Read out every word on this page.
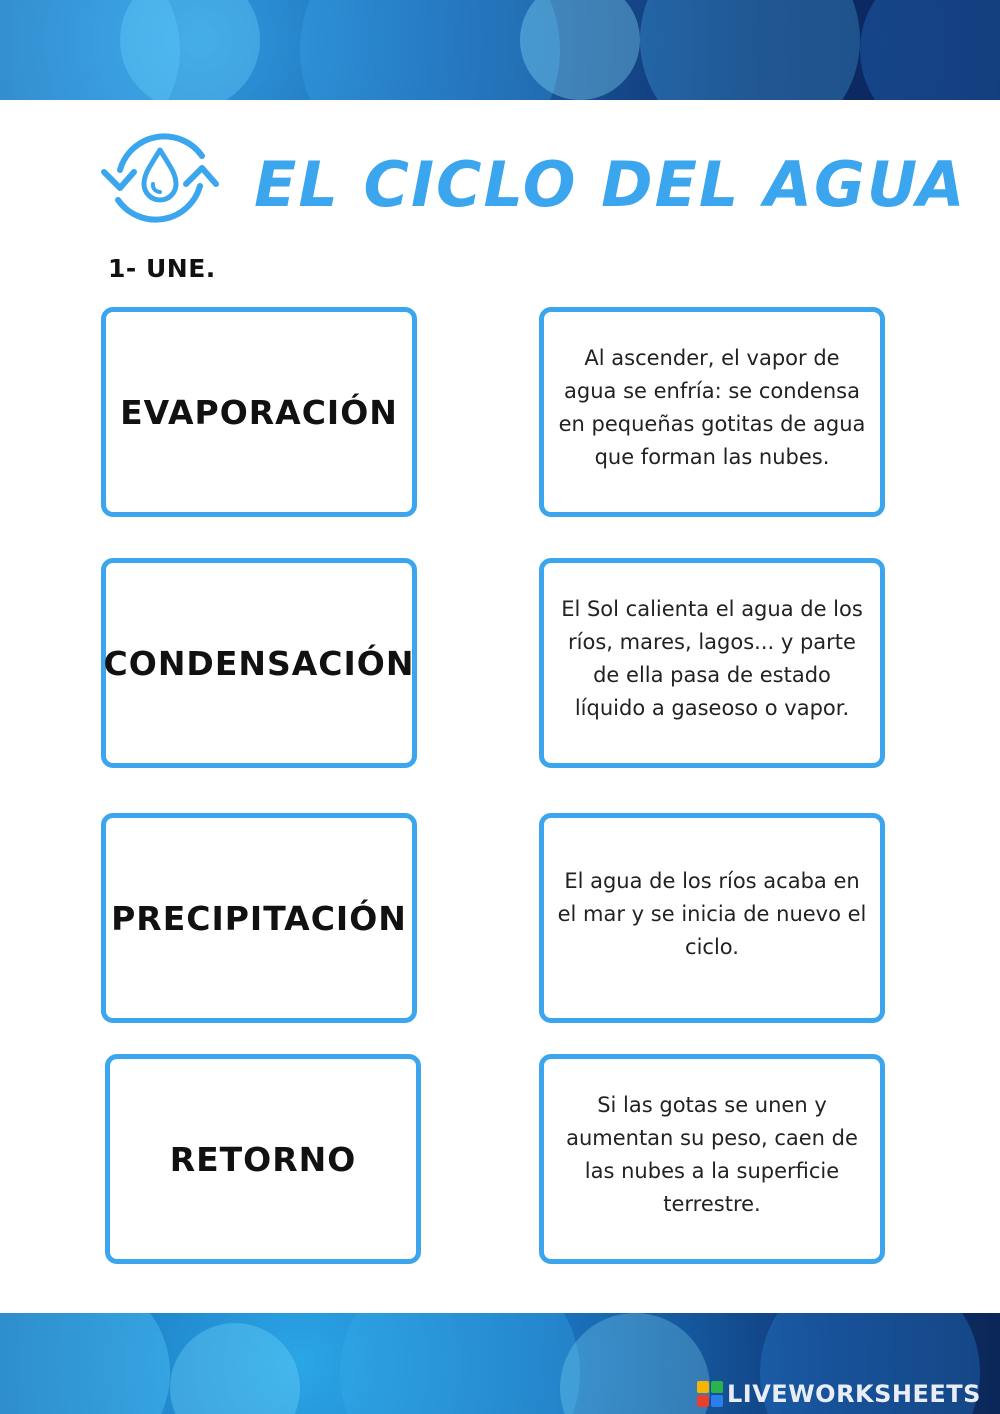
EL CICLO DEL AGUA
1- UNE.
EVAPORACIÓN
CONDENSACIÓN
PRECIPITACIÓN
RETORNO
Al ascender, el vapor de agua se enfría: se condensa en pequeñas gotitas de agua que forman las nubes.
El Sol calienta el agua de los ríos, mares, lagos... y parte de ella pasa de estado líquido a gaseoso o vapor.
El agua de los ríos acaba en el mar y se inicia de nuevo el ciclo.
Si las gotas se unen y aumentan su peso, caen de las nubes a la superficie terrestre.
LIVEWORKSHEETS
